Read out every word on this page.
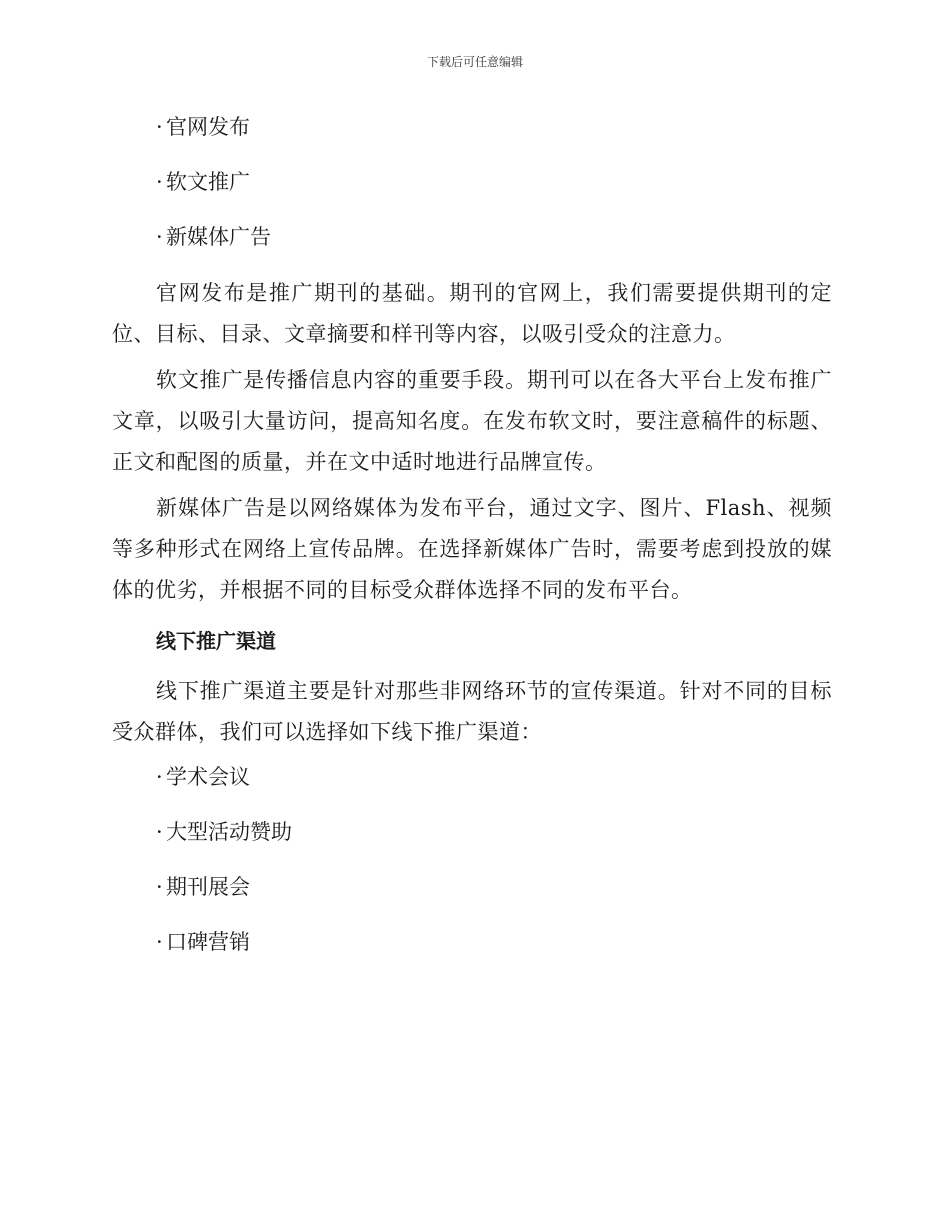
下载后可任意编辑
· 官网发布
· 软文推广
· 新媒体广告

官网发布是推广期刊的基础。期刊的官网上，我们需要提供期刊的定位、目标、目录、文章摘要和样刊等内容，以吸引受众的注意力。

软文推广是传播信息内容的重要手段。期刊可以在各大平台上发布推广文章，以吸引大量访问，提高知名度。在发布软文时，要注意稿件的标题、正文和配图的质量，并在文中适时地进行品牌宣传。

新媒体广告是以网络媒体为发布平台，通过文字、图片、Flash、视频等多种形式在网络上宣传品牌。在选择新媒体广告时，需要考虑到投放的媒体的优劣，并根据不同的目标受众群体选择不同的发布平台。

线下推广渠道

线下推广渠道主要是针对那些非网络环节的宣传渠道。针对不同的目标受众群体，我们可以选择如下线下推广渠道：

· 学术会议
· 大型活动赞助
· 期刊展会
· 口碑营销
